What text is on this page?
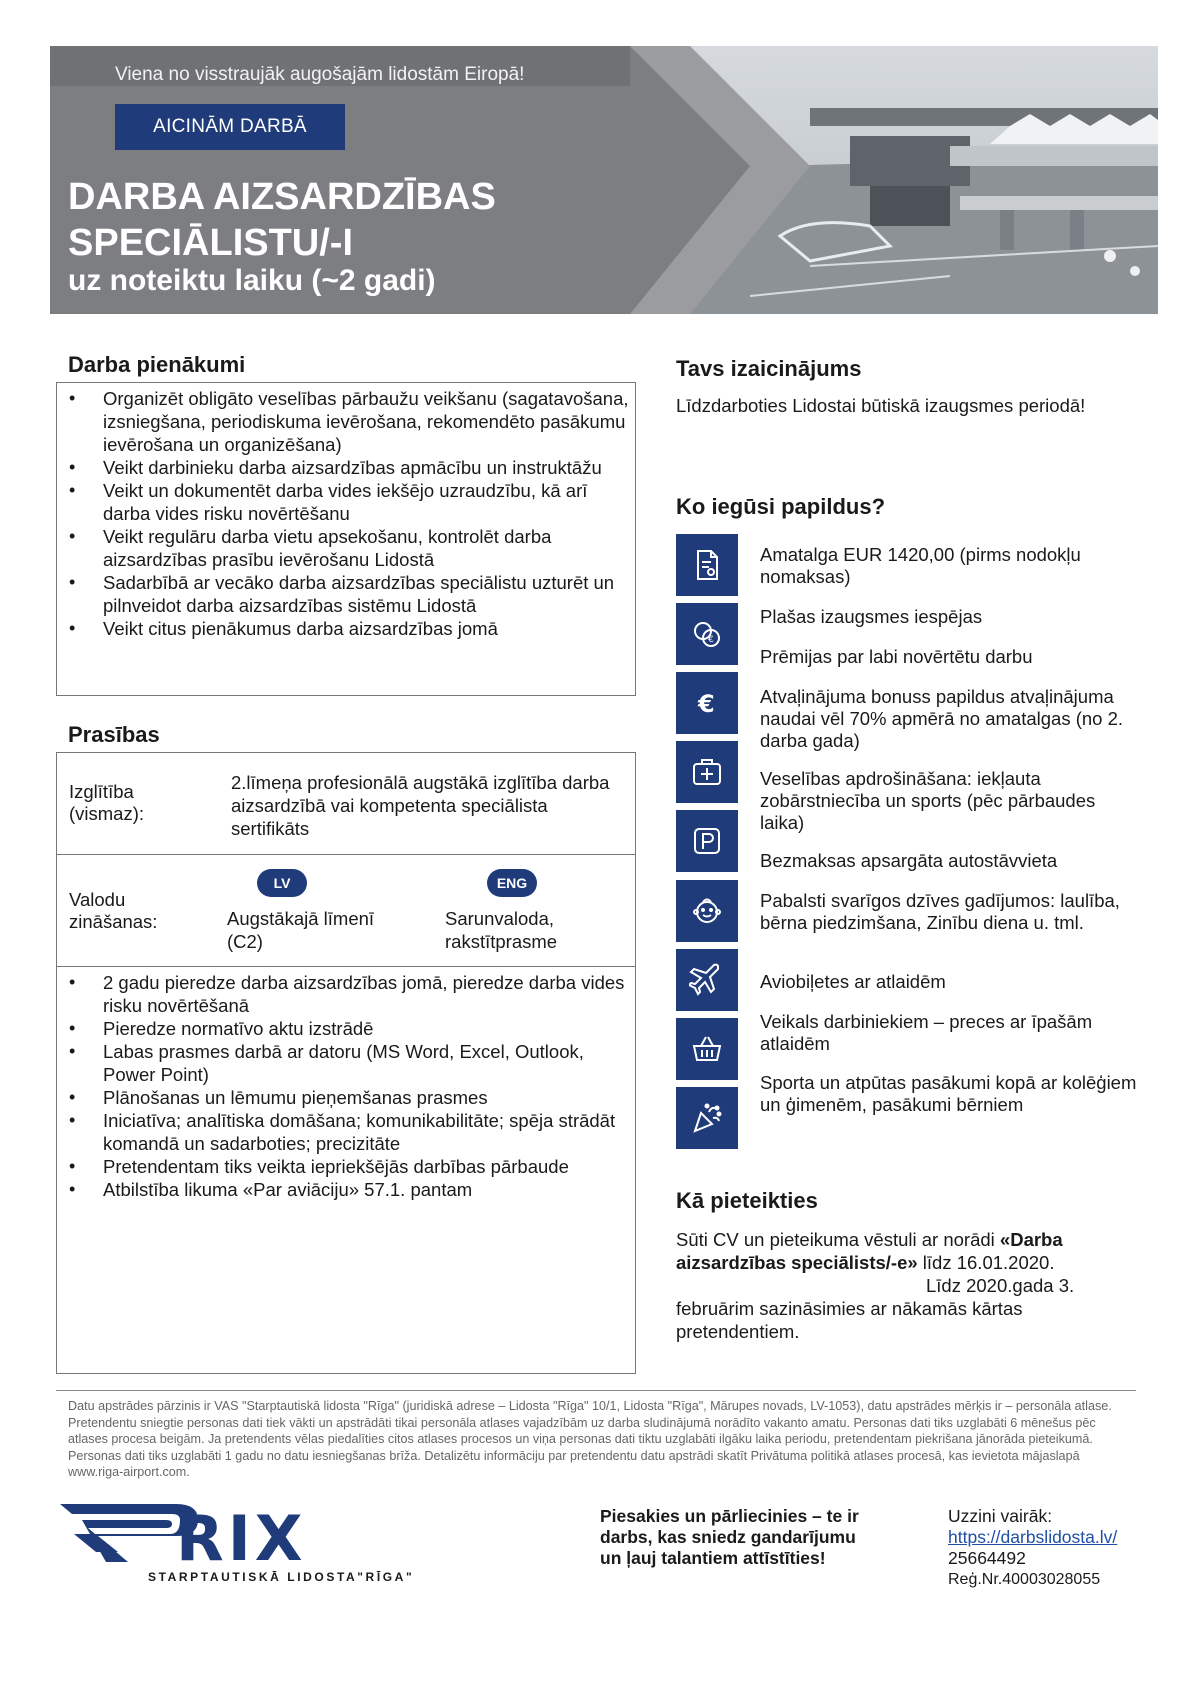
Viena no visstraujāk augošajām lidostām Eiropā!
AICINĀM DARBĀ
DARBA AIZSARDZĪBAS
SPECIĀLISTU/-I
uz noteiktu laiku (~2 gadi)
Darba pienākumi
• Organizēt obligāto veselības pārbaužu veikšanu (sagatavošana, izsniegšana, periodiskuma ievērošana, rekomendēto pasākumu ievērošana un organizēšana)
• Veikt darbinieku darba aizsardzības apmācību un instruktāžu
• Veikt un dokumentēt darba vides iekšējo uzraudzību, kā arī darba vides risku novērtēšanu
• Veikt regulāru darba vietu apsekošanu, kontrolēt darba aizsardzības prasību ievērošanu Lidostā
• Sadarbībā ar vecāko darba aizsardzības speciālistu uzturēt un pilnveidot darba aizsardzības sistēmu Lidostā
• Veikt citus pienākumus darba aizsardzības jomā
Prasības
Izglītība (vismaz):
2.līmeņa profesionālā augstākā izglītība darba aizsardzībā vai kompetenta speciālista sertifikāts
Valodu zināšanas:
LV
Augstākajā līmenī (C2)
ENG
Sarunvaloda, rakstītprasme
• 2 gadu pieredze darba aizsardzības jomā, pieredze darba vides risku novērtēšanā
• Pieredze normatīvo aktu izstrādē
• Labas prasmes darbā ar datoru (MS Word, Excel, Outlook, Power Point)
• Plānošanas un lēmumu pieņemšanas prasmes
• Iniciatīva; analītiska domāšana; komunikabilitāte; spēja strādāt komandā un sadarboties; precizitāte
• Pretendentam tiks veikta iepriekšējās darbības pārbaude
• Atbilstība likuma «Par aviāciju» 57.1. pantam
Tavs izaicinājums
Līdzdarboties Lidostai būtiskā izaugsmes periodā!
Ko iegūsi papildus?
€
€
Amatalga EUR 1420,00 (pirms nodokļu nomaksas)
Plašas izaugsmes iespējas
Prēmijas par labi novērtētu darbu
Atvaļinājuma bonuss papildus atvaļinājuma naudai vēl 70% apmērā no amatalgas (no 2. darba gada)
Veselības apdrošināšana: iekļauta zobārstniecība un sports (pēc pārbaudes laika)
Bezmaksas apsargāta autostāvvieta
Pabalsti svarīgos dzīves gadījumos: laulība, bērna piedzimšana, Zinību diena u. tml.
Aviobiļetes ar atlaidēm
Veikals darbiniekiem – preces ar īpašām atlaidēm
Sporta un atpūtas pasākumi kopā ar kolēģiem un ģimenēm, pasākumi bērniem
Kā pieteikties
Sūti CV un pieteikuma vēstuli ar norādi «Darba aizsardzības speciālists/-e» līdz 16.01.2020.
Līdz 2020.gada 3.
februārim sazināsimies ar nākamās kārtas pretendentiem.
Datu apstrādes pārzinis ir VAS "Starptautiskā lidosta "Rīga" (juridiskā adrese – Lidosta "Rīga" 10/1, Lidosta "Rīga", Mārupes novads, LV-1053), datu apstrādes mērķis ir – personāla atlase. Pretendentu sniegtie personas dati tiek vākti un apstrādāti tikai personāla atlases vajadzībām uz darba sludinājumā norādīto vakanto amatu. Personas dati tiks uzglabāti 6 mēnešus pēc atlases procesa beigām. Ja pretendents vēlas piedalīties citos atlases procesos un viņa personas dati tiktu uzglabāti ilgāku laika periodu, pretendentam piekrišana jānorāda pieteikumā. Personas dati tiks uzglabāti 1 gadu no datu iesniegšanas brīža. Detalizētu informāciju par pretendentu datu apstrādi skatīt Privātuma politikā atlases procesā, kas ievietota mājaslapā www.riga-airport.com.
RIX
STARPTAUTISKĀ LIDOSTA"RĪGA"
Piesakies un pārliecinies – te ir darbs, kas sniedz gandarījumu un ļauj talantiem attīstīties!
Uzzini vairāk:
https://darbslidosta.lv/
25664492
Reģ.Nr.40003028055
